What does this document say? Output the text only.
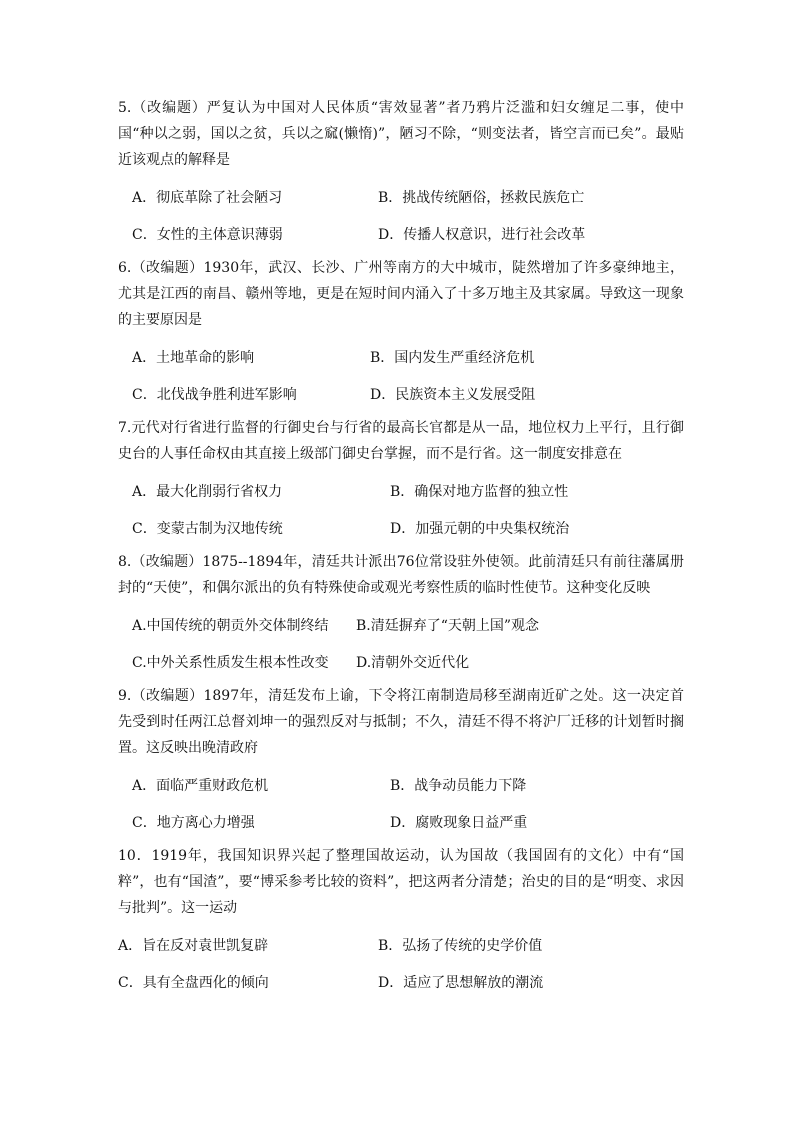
5.（改编题）严复认为中国对人民体质“害效显著”者乃鸦片泛滥和妇女缠足二事，使中国“种以之弱，国以之贫，兵以之窳(懒惰)”，陋习不除，“则变法者，皆空言而已矣”。最贴近该观点的解释是

A．彻底革除了社会陋习	B．挑战传统陋俗，拯救民族危亡
C．女性的主体意识薄弱	D．传播人权意识，进行社会改革

6.（改编题）1930年，武汉、长沙、广州等南方的大中城市，陡然增加了许多豪绅地主，尤其是江西的南昌、赣州等地，更是在短时间内涌入了十多万地主及其家属。导致这一现象的主要原因是

A．土地革命的影响	B．国内发生严重经济危机
C．北伐战争胜利进军影响	D．民族资本主义发展受阻

7.元代对行省进行监督的行御史台与行省的最高长官都是从一品，地位权力上平行，且行御史台的人事任命权由其直接上级部门御史台掌握，而不是行省。这一制度安排意在

A．最大化削弱行省权力	B．确保对地方监督的独立性
C．变蒙古制为汉地传统	D．加强元朝的中央集权统治

8.（改编题）1875--1894年，清廷共计派出76位常设驻外使领。此前清廷只有前往藩属册封的“天使”，和偶尔派出的负有特殊使命或观光考察性质的临时性使节。这种变化反映

A.中国传统的朝贡外交体制终结 B.清廷摒弃了“天朝上国”观念
C.中外关系性质发生根本性改变 D.清朝外交近代化

9.（改编题）1897年，清廷发布上谕，下令将江南制造局移至湖南近矿之处。这一决定首先受到时任两江总督刘坤一的强烈反对与抵制；不久，清廷不得不将沪厂迁移的计划暂时搁置。这反映出晚清政府

A．面临严重财政危机	B．战争动员能力下降
C．地方离心力增强	D．腐败现象日益严重

10．1919年，我国知识界兴起了整理国故运动，认为国故（我国固有的文化）中有“国粹”，也有“国渣”，要“博采参考比较的资料”，把这两者分清楚；治史的目的是“明变、求因与批判”。这一运动

A．旨在反对袁世凯复辟	B．弘扬了传统的史学价值
C．具有全盘西化的倾向	D．适应了思想解放的潮流
